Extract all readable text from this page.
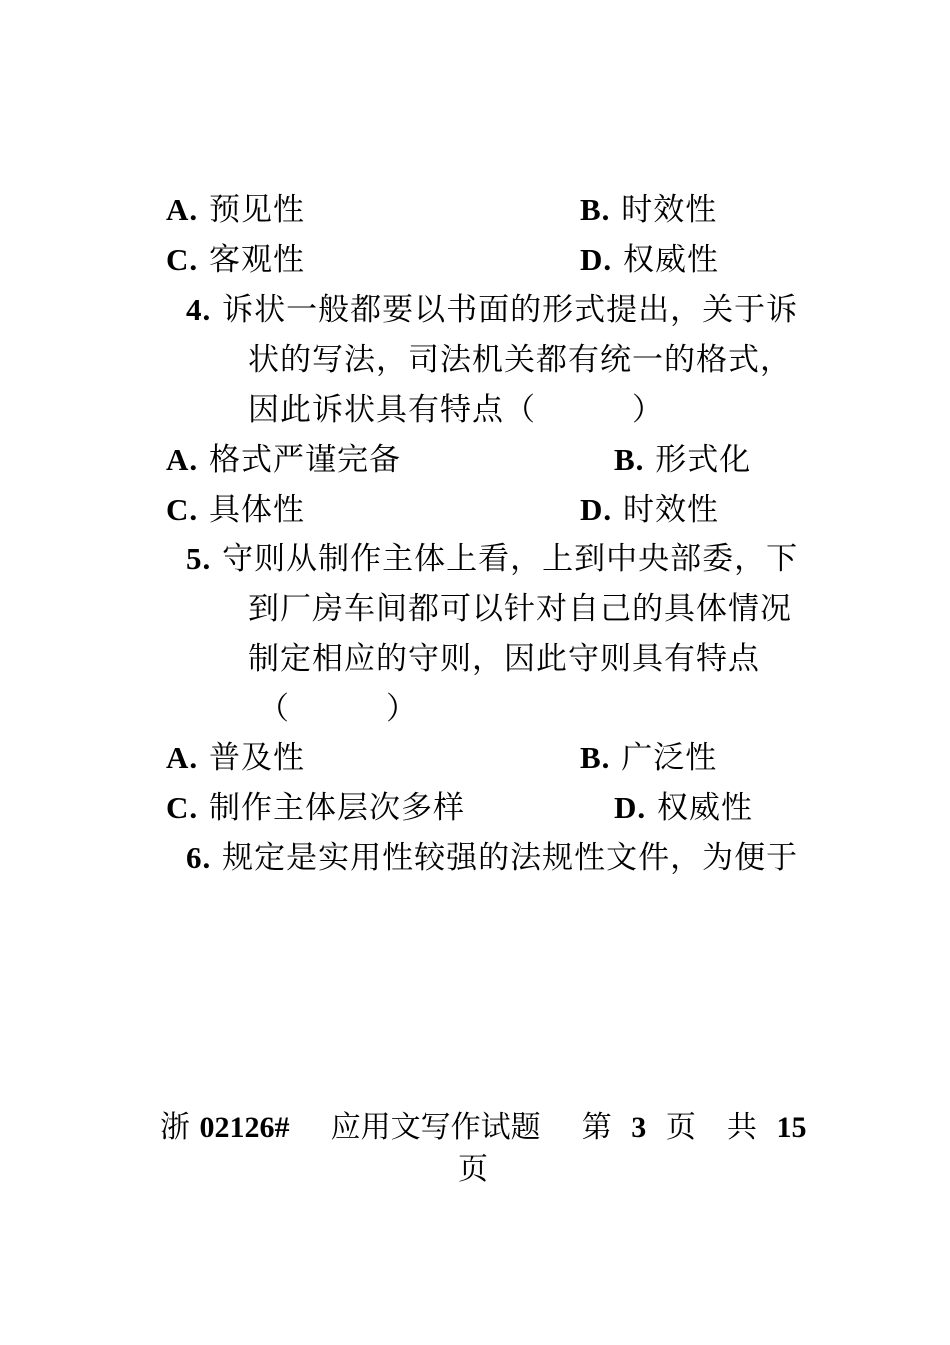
A. 预见性	B. 时效性
C. 客观性	D. 权威性
4. 诉状一般都要以书面的形式提出，关于诉
状的写法，司法机关都有统一的格式，
因此诉状具有特点（　　　）
A. 格式严谨完备	B. 形式化
C. 具体性	D. 时效性
5. 守则从制作主体上看，上到中央部委，下
到厂房车间都可以针对自己的具体情况
制定相应的守则，因此守则具有特点
（　　　）
A. 普及性	B. 广泛性
C. 制作主体层次多样	D. 权威性
6. 规定是实用性较强的法规性文件，为便于
浙 02126# 应用文写作试题 第 3 页 共 15
页
